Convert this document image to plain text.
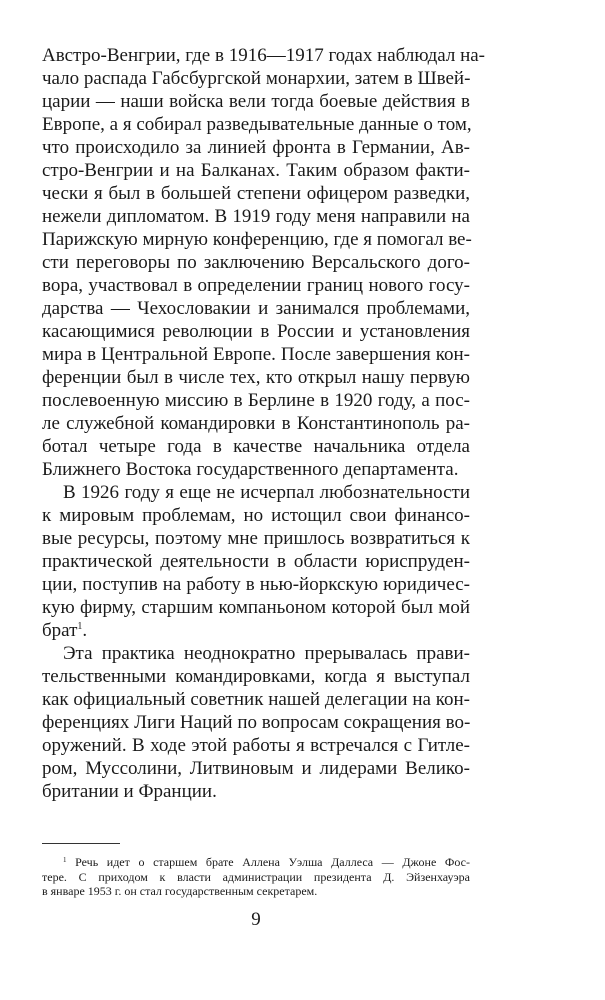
Австро-Венгрии, где в 1916—1917 годах наблюдал на-
чало распада Габсбургской монархии, затем в Швей-
царии — наши войска вели тогда боевые действия в
Европе, а я собирал разведывательные данные о том,
что происходило за линией фронта в Германии, Ав-
стро-Венгрии и на Балканах. Таким образом факти-
чески я был в большей степени офицером разведки,
нежели дипломатом. В 1919 году меня направили на
Парижскую мирную конференцию, где я помогал ве-
сти переговоры по заключению Версальского дого-
вора, участвовал в определении границ нового госу-
дарства — Чехословакии и занимался проблемами,
касающимися революции в России и установления
мира в Центральной Европе. После завершения кон-
ференции был в числе тех, кто открыл нашу первую
послевоенную миссию в Берлине в 1920 году, а пос-
ле служебной командировки в Константинополь ра-
ботал четыре года в качестве начальника отдела
Ближнего Востока государственного департамента.
В 1926 году я еще не исчерпал любознательности
к мировым проблемам, но истощил свои финансо-
вые ресурсы, поэтому мне пришлось возвратиться к
практической деятельности в области юриспруден-
ции, поступив на работу в нью-йоркскую юридичес-
кую фирму, старшим компаньоном которой был мой
брат$^1$.
Эта практика неоднократно прерывалась прави-
тельственными командировками, когда я выступал
как официальный советник нашей делегации на кон-
ференциях Лиги Наций по вопросам сокращения во-
оружений. В ходе этой работы я встречался с Гитле-
ром, Муссолини, Литвиновым и лидерами Велико-
британии и Франции.
$^1$ Речь идет о старшем брате Аллена Уэлша Даллеса — Джоне Фос-
тере. С приходом к власти администрации президента Д. Эйзенхауэра
в январе 1953 г. он стал государственным секретарем.
9
